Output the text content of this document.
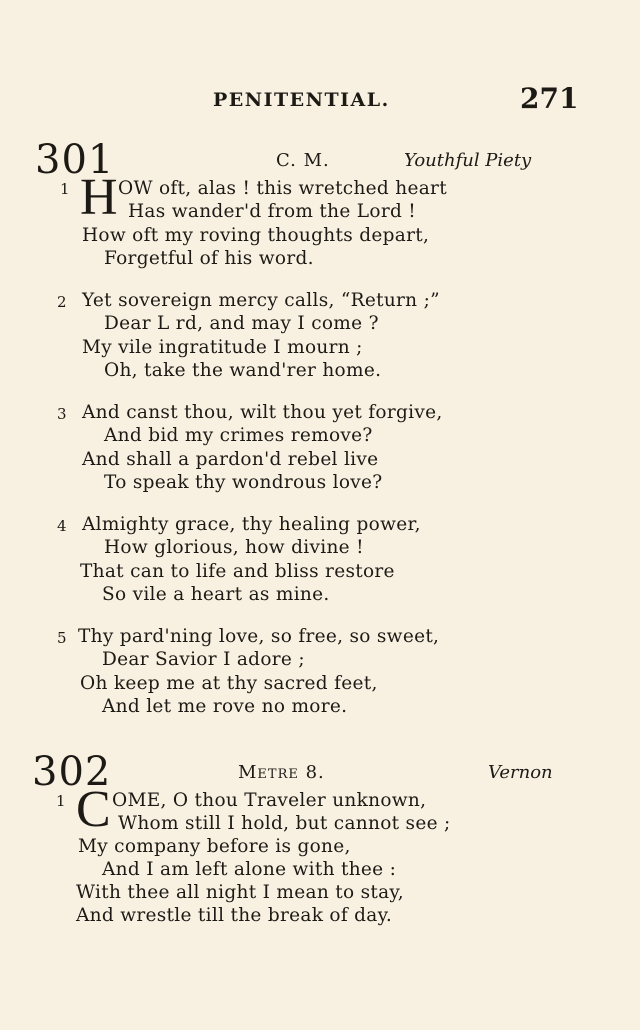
PENITENTIAL.	271
301	C. M.	Youthful Piety
1 H OW oft, alas ! this wretched heart
Has wander'd from the Lord !
How oft my roving thoughts depart,
Forgetful of his word.
2 Yet sovereign mercy calls, “Return ;”
Dear L rd, and may I come ?
My vile ingratitude I mourn ;
Oh, take the wand'rer home.
3 And canst thou, wilt thou yet forgive,
And bid my crimes remove?
And shall a pardon'd rebel live
To speak thy wondrous love?
4 Almighty grace, thy healing power,
How glorious, how divine !
That can to life and bliss restore
So vile a heart as mine.
5 Thy pard'ning love, so free, so sweet,
Dear Savior I adore ;
Oh keep me at thy sacred feet,
And let me rove no more.
302	Metre 8.	Vernon
1 C OME, O thou Traveler unknown,
Whom still I hold, but cannot see ;
My company before is gone,
And I am left alone with thee :
With thee all night I mean to stay,
And wrestle till the break of day.
